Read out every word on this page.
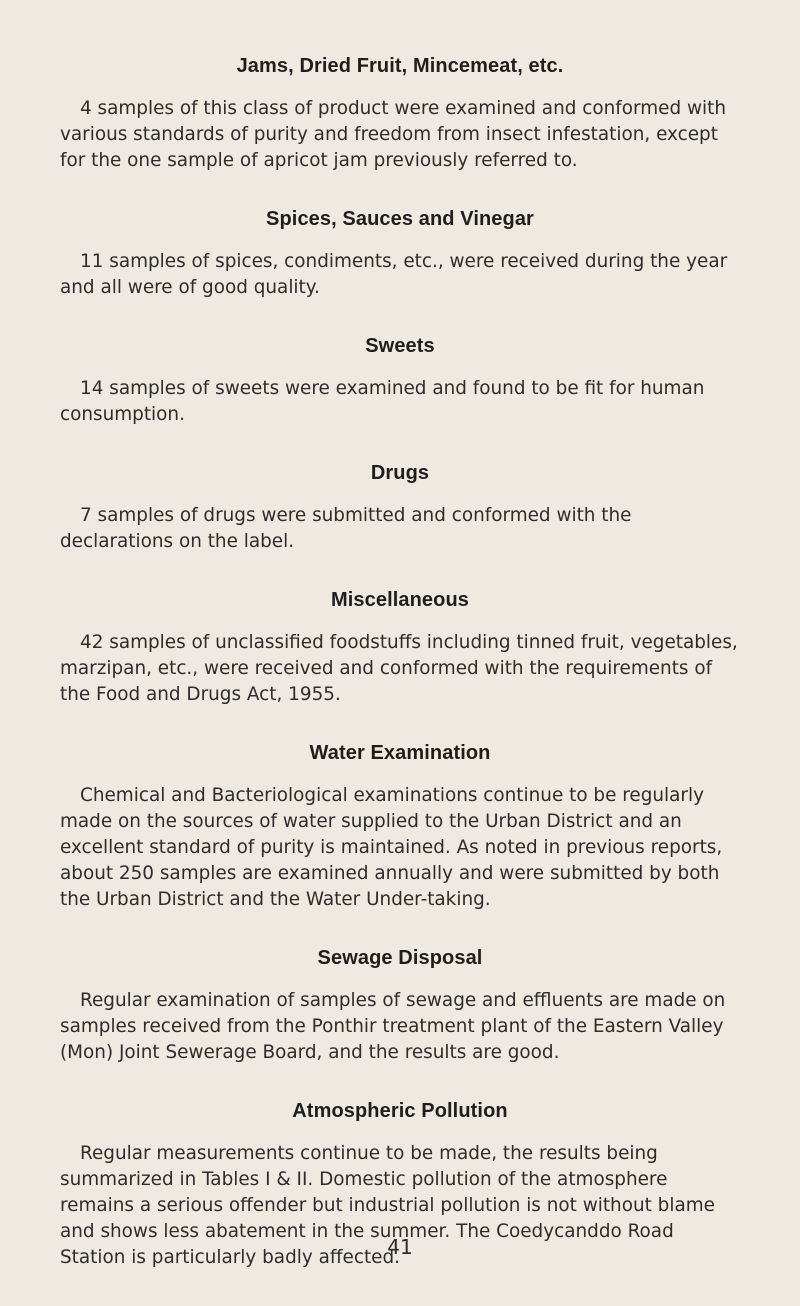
Jams, Dried Fruit, Mincemeat, etc.

4 samples of this class of product were examined and conformed with various standards of purity and freedom from insect infestation, except for the one sample of apricot jam previously referred to.

Spices, Sauces and Vinegar

11 samples of spices, condiments, etc., were received during the year and all were of good quality.

Sweets

14 samples of sweets were examined and found to be fit for human consumption.

Drugs

7 samples of drugs were submitted and conformed with the declarations on the label.

Miscellaneous

42 samples of unclassified foodstuffs including tinned fruit, vegetables, marzipan, etc., were received and conformed with the requirements of the Food and Drugs Act, 1955.

Water Examination

Chemical and Bacteriological examinations continue to be regularly made on the sources of water supplied to the Urban District and an excellent standard of purity is maintained. As noted in previous reports, about 250 samples are examined annually and were submitted by both the Urban District and the Water Under-taking.

Sewage Disposal

Regular examination of samples of sewage and effluents are made on samples received from the Ponthir treatment plant of the Eastern Valley (Mon) Joint Sewerage Board, and the results are good.

Atmospheric Pollution

Regular measurements continue to be made, the results being summarized in Tables I & II. Domestic pollution of the atmosphere remains a serious offender but industrial pollution is not without blame and shows less abatement in the summer. The Coedycanddo Road Station is particularly badly affected.

41
